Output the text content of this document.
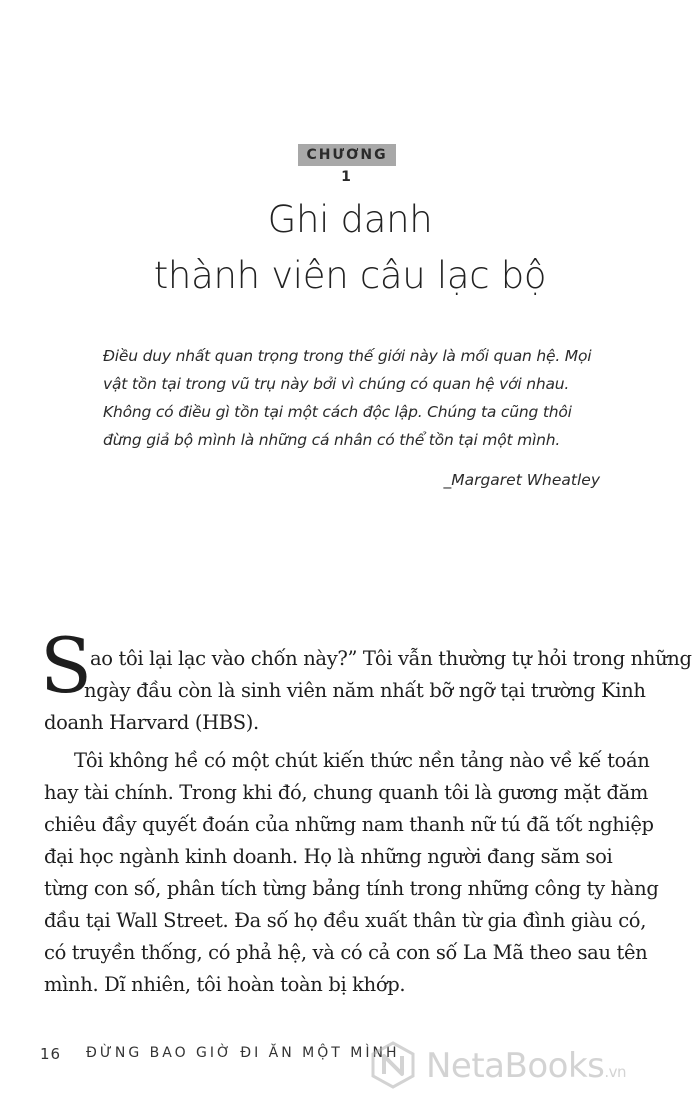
CHƯƠNG 1
Ghi danh
thành viên câu lạc bộ

Điều duy nhất quan trọng trong thế giới này là mối quan hệ. Mọi

vật tồn tại trong vũ trụ này bởi vì chúng có quan hệ với nhau.

Không có điều gì tồn tại một cách độc lập. Chúng ta cũng thôi

đừng giả bộ mình là những cá nhân có thể tồn tại một mình.

_Margaret Wheatley
S
ao tôi lại lạc vào chốn này?” Tôi vẫn thường tự hỏi trong những
ngày đầu còn là sinh viên năm nhất bỡ ngỡ tại trường Kinh
doanh Harvard (HBS).
Tôi không hề có một chút kiến thức nền tảng nào về kế toán
hay tài chính. Trong khi đó, chung quanh tôi là gương mặt đăm
chiêu đầy quyết đoán của những nam thanh nữ tú đã tốt nghiệp
đại học ngành kinh doanh. Họ là những người đang săm soi
từng con số, phân tích từng bảng tính trong những công ty hàng
đầu tại Wall Street. Đa số họ đều xuất thân từ gia đình giàu có,
có truyền thống, có phả hệ, và có cả con số La Mã theo sau tên
mình. Dĩ nhiên, tôi hoàn toàn bị khớp.
16 ĐỪNG BAO GIỜ ĐI ĂN MỘT MÌNH NetaBooks.vn
